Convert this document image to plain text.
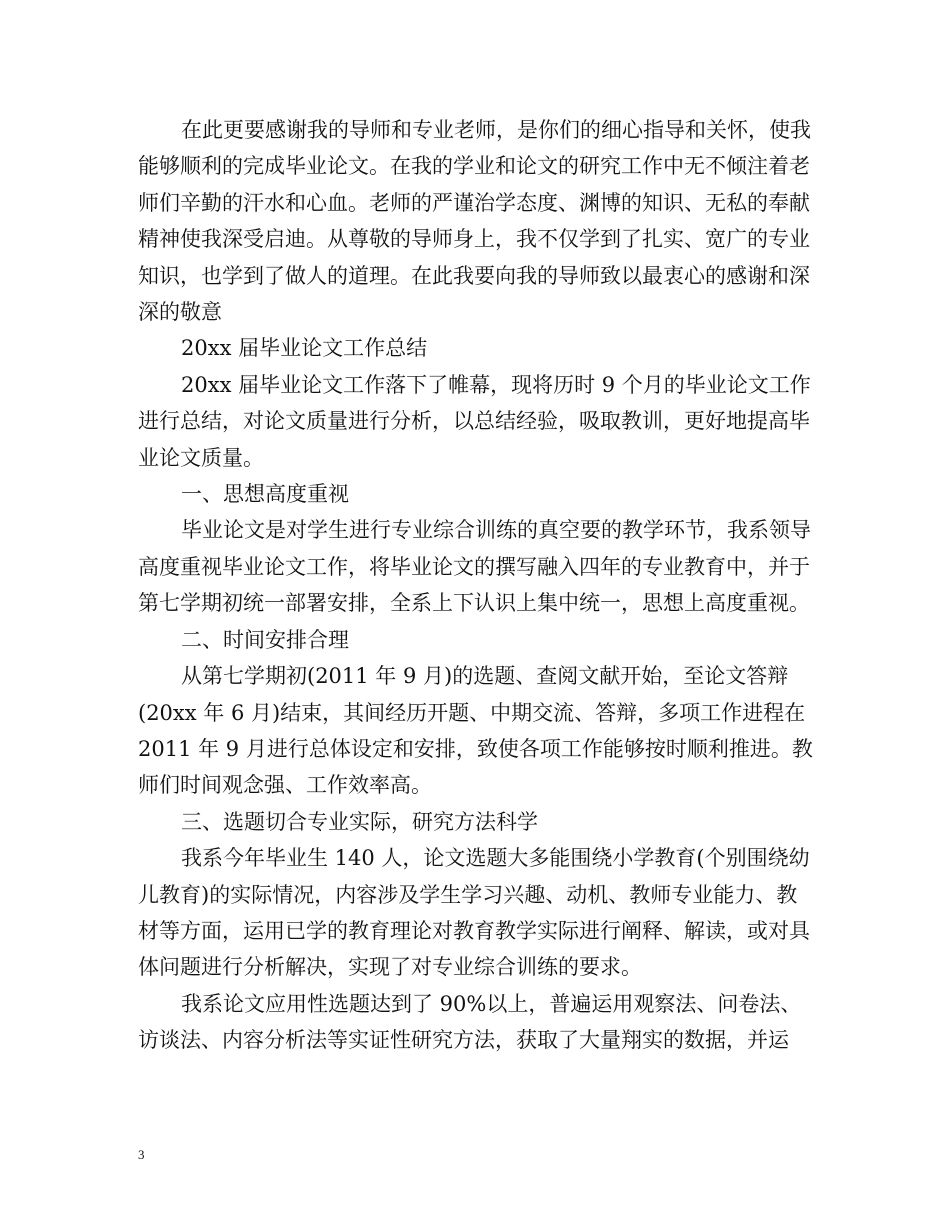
在此更要感谢我的导师和专业老师，是你们的细心指导和关怀，使我能够顺利的完成毕业论文。在我的学业和论文的研究工作中无不倾注着老师们辛勤的汗水和心血。老师的严谨治学态度、渊博的知识、无私的奉献精神使我深受启迪。从尊敬的导师身上，我不仅学到了扎实、宽广的专业知识，也学到了做人的道理。在此我要向我的导师致以最衷心的感谢和深深的敬意

20xx 届毕业论文工作总结

20xx 届毕业论文工作落下了帷幕，现将历时 9 个月的毕业论文工作进行总结，对论文质量进行分析，以总结经验，吸取教训，更好地提高毕业论文质量。

一、思想高度重视

毕业论文是对学生进行专业综合训练的真空要的教学环节，我系领导高度重视毕业论文工作，将毕业论文的撰写融入四年的专业教育中，并于第七学期初统一部署安排，全系上下认识上集中统一，思想上高度重视。

二、时间安排合理

从第七学期初(2011 年 9 月)的选题、查阅文献开始，至论文答辩(20xx 年 6 月)结束，其间经历开题、中期交流、答辩，多项工作进程在 2011 年 9 月进行总体设定和安排，致使各项工作能够按时顺利推进。教师们时间观念强、工作效率高。

三、选题切合专业实际，研究方法科学

我系今年毕业生 140 人，论文选题大多能围绕小学教育(个别围绕幼儿教育)的实际情况，内容涉及学生学习兴趣、动机、教师专业能力、教材等方面，运用已学的教育理论对教育教学实际进行阐释、解读，或对具体问题进行分析解决，实现了对专业综合训练的要求。

我系论文应用性选题达到了 90%以上，普遍运用观察法、问卷法、访谈法、内容分析法等实证性研究方法，获取了大量翔实的数据，并运

3
